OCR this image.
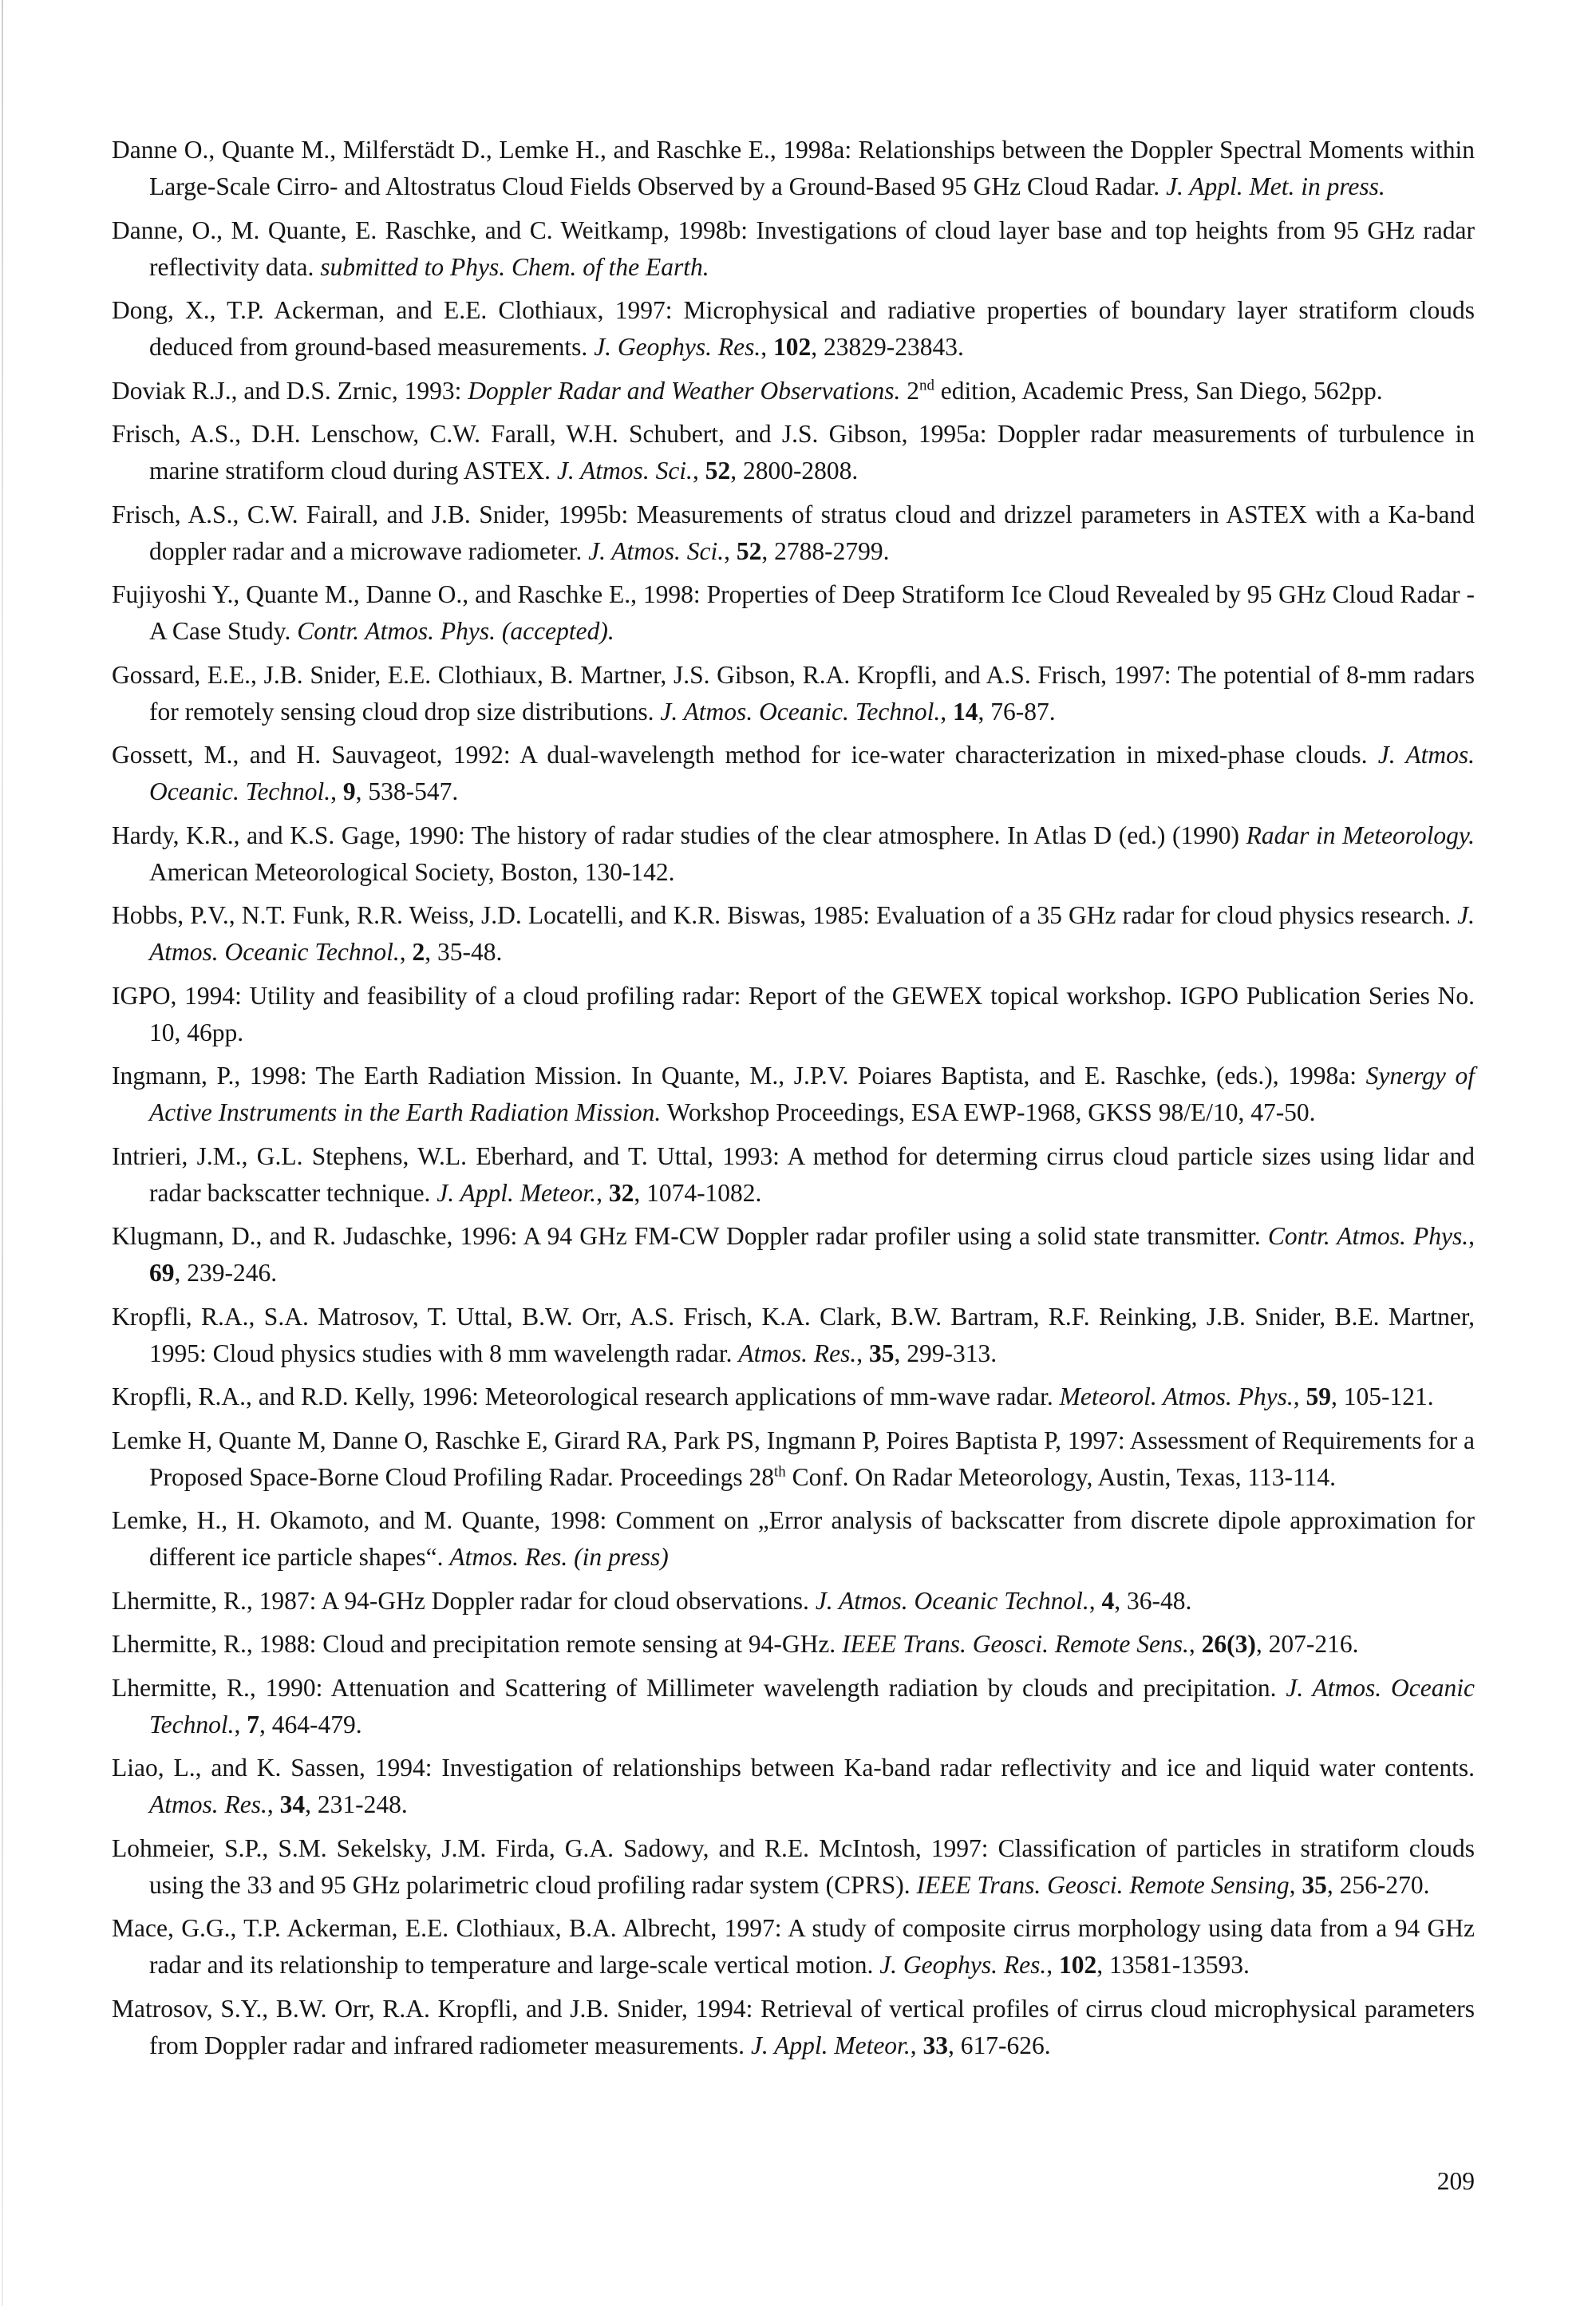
Danne O., Quante M., Milferstädt D., Lemke H., and Raschke E., 1998a: Relationships between the Doppler Spectral Moments within Large-Scale Cirro- and Altostratus Cloud Fields Observed by a Ground-Based 95 GHz Cloud Radar. J. Appl. Met. in press.
Danne, O., M. Quante, E. Raschke, and C. Weitkamp, 1998b: Investigations of cloud layer base and top heights from 95 GHz radar reflectivity data. submitted to Phys. Chem. of the Earth.
Dong, X., T.P. Ackerman, and E.E. Clothiaux, 1997: Microphysical and radiative properties of boundary layer stratiform clouds deduced from ground-based measurements. J. Geophys. Res., 102, 23829-23843.
Doviak R.J., and D.S. Zrnic, 1993: Doppler Radar and Weather Observations. 2nd edition, Academic Press, San Diego, 562pp.
Frisch, A.S., D.H. Lenschow, C.W. Farall, W.H. Schubert, and J.S. Gibson, 1995a: Doppler radar measurements of turbulence in marine stratiform cloud during ASTEX. J. Atmos. Sci., 52, 2800-2808.
Frisch, A.S., C.W. Fairall, and J.B. Snider, 1995b: Measurements of stratus cloud and drizzel parameters in ASTEX with a Ka-band doppler radar and a microwave radiometer. J. Atmos. Sci., 52, 2788-2799.
Fujiyoshi Y., Quante M., Danne O., and Raschke E., 1998: Properties of Deep Stratiform Ice Cloud Revealed by 95 GHz Cloud Radar - A Case Study. Contr. Atmos. Phys. (accepted).
Gossard, E.E., J.B. Snider, E.E. Clothiaux, B. Martner, J.S. Gibson, R.A. Kropfli, and A.S. Frisch, 1997: The potential of 8-mm radars for remotely sensing cloud drop size distributions. J. Atmos. Oceanic. Technol., 14, 76-87.
Gossett, M., and H. Sauvageot, 1992: A dual-wavelength method for ice-water characterization in mixed-phase clouds. J. Atmos. Oceanic. Technol., 9, 538-547.
Hardy, K.R., and K.S. Gage, 1990: The history of radar studies of the clear atmosphere. In Atlas D (ed.) (1990) Radar in Meteorology. American Meteorological Society, Boston, 130-142.
Hobbs, P.V., N.T. Funk, R.R. Weiss, J.D. Locatelli, and K.R. Biswas, 1985: Evaluation of a 35 GHz radar for cloud physics research. J. Atmos. Oceanic Technol., 2, 35-48.
IGPO, 1994: Utility and feasibility of a cloud profiling radar: Report of the GEWEX topical workshop. IGPO Publication Series No. 10, 46pp.
Ingmann, P., 1998: The Earth Radiation Mission. In Quante, M., J.P.V. Poiares Baptista, and E. Raschke, (eds.), 1998a: Synergy of Active Instruments in the Earth Radiation Mission. Workshop Proceedings, ESA EWP-1968, GKSS 98/E/10, 47-50.
Intrieri, J.M., G.L. Stephens, W.L. Eberhard, and T. Uttal, 1993: A method for determing cirrus cloud particle sizes using lidar and radar backscatter technique. J. Appl. Meteor., 32, 1074-1082.
Klugmann, D., and R. Judaschke, 1996: A 94 GHz FM-CW Doppler radar profiler using a solid state transmitter. Contr. Atmos. Phys., 69, 239-246.
Kropfli, R.A., S.A. Matrosov, T. Uttal, B.W. Orr, A.S. Frisch, K.A. Clark, B.W. Bartram, R.F. Reinking, J.B. Snider, B.E. Martner, 1995: Cloud physics studies with 8 mm wavelength radar. Atmos. Res., 35, 299-313.
Kropfli, R.A., and R.D. Kelly, 1996: Meteorological research applications of mm-wave radar. Meteorol. Atmos. Phys., 59, 105-121.
Lemke H, Quante M, Danne O, Raschke E, Girard RA, Park PS, Ingmann P, Poires Baptista P, 1997: Assessment of Requirements for a Proposed Space-Borne Cloud Profiling Radar. Proceedings 28th Conf. On Radar Meteorology, Austin, Texas, 113-114.
Lemke, H., H. Okamoto, and M. Quante, 1998: Comment on „Error analysis of backscatter from discrete dipole approximation for different ice particle shapes“. Atmos. Res. (in press)
Lhermitte, R., 1987: A 94-GHz Doppler radar for cloud observations. J. Atmos. Oceanic Technol., 4, 36-48.
Lhermitte, R., 1988: Cloud and precipitation remote sensing at 94-GHz. IEEE Trans. Geosci. Remote Sens., 26(3), 207-216.
Lhermitte, R., 1990: Attenuation and Scattering of Millimeter wavelength radiation by clouds and precipitation. J. Atmos. Oceanic Technol., 7, 464-479.
Liao, L., and K. Sassen, 1994: Investigation of relationships between Ka-band radar reflectivity and ice and liquid water contents. Atmos. Res., 34, 231-248.
Lohmeier, S.P., S.M. Sekelsky, J.M. Firda, G.A. Sadowy, and R.E. McIntosh, 1997: Classification of particles in stratiform clouds using the 33 and 95 GHz polarimetric cloud profiling radar system (CPRS). IEEE Trans. Geosci. Remote Sensing, 35, 256-270.
Mace, G.G., T.P. Ackerman, E.E. Clothiaux, B.A. Albrecht, 1997: A study of composite cirrus morphology using data from a 94 GHz radar and its relationship to temperature and large-scale vertical motion. J. Geophys. Res., 102, 13581-13593.
Matrosov, S.Y., B.W. Orr, R.A. Kropfli, and J.B. Snider, 1994: Retrieval of vertical profiles of cirrus cloud microphysical parameters from Doppler radar and infrared radiometer measurements. J. Appl. Meteor., 33, 617-626.
209
